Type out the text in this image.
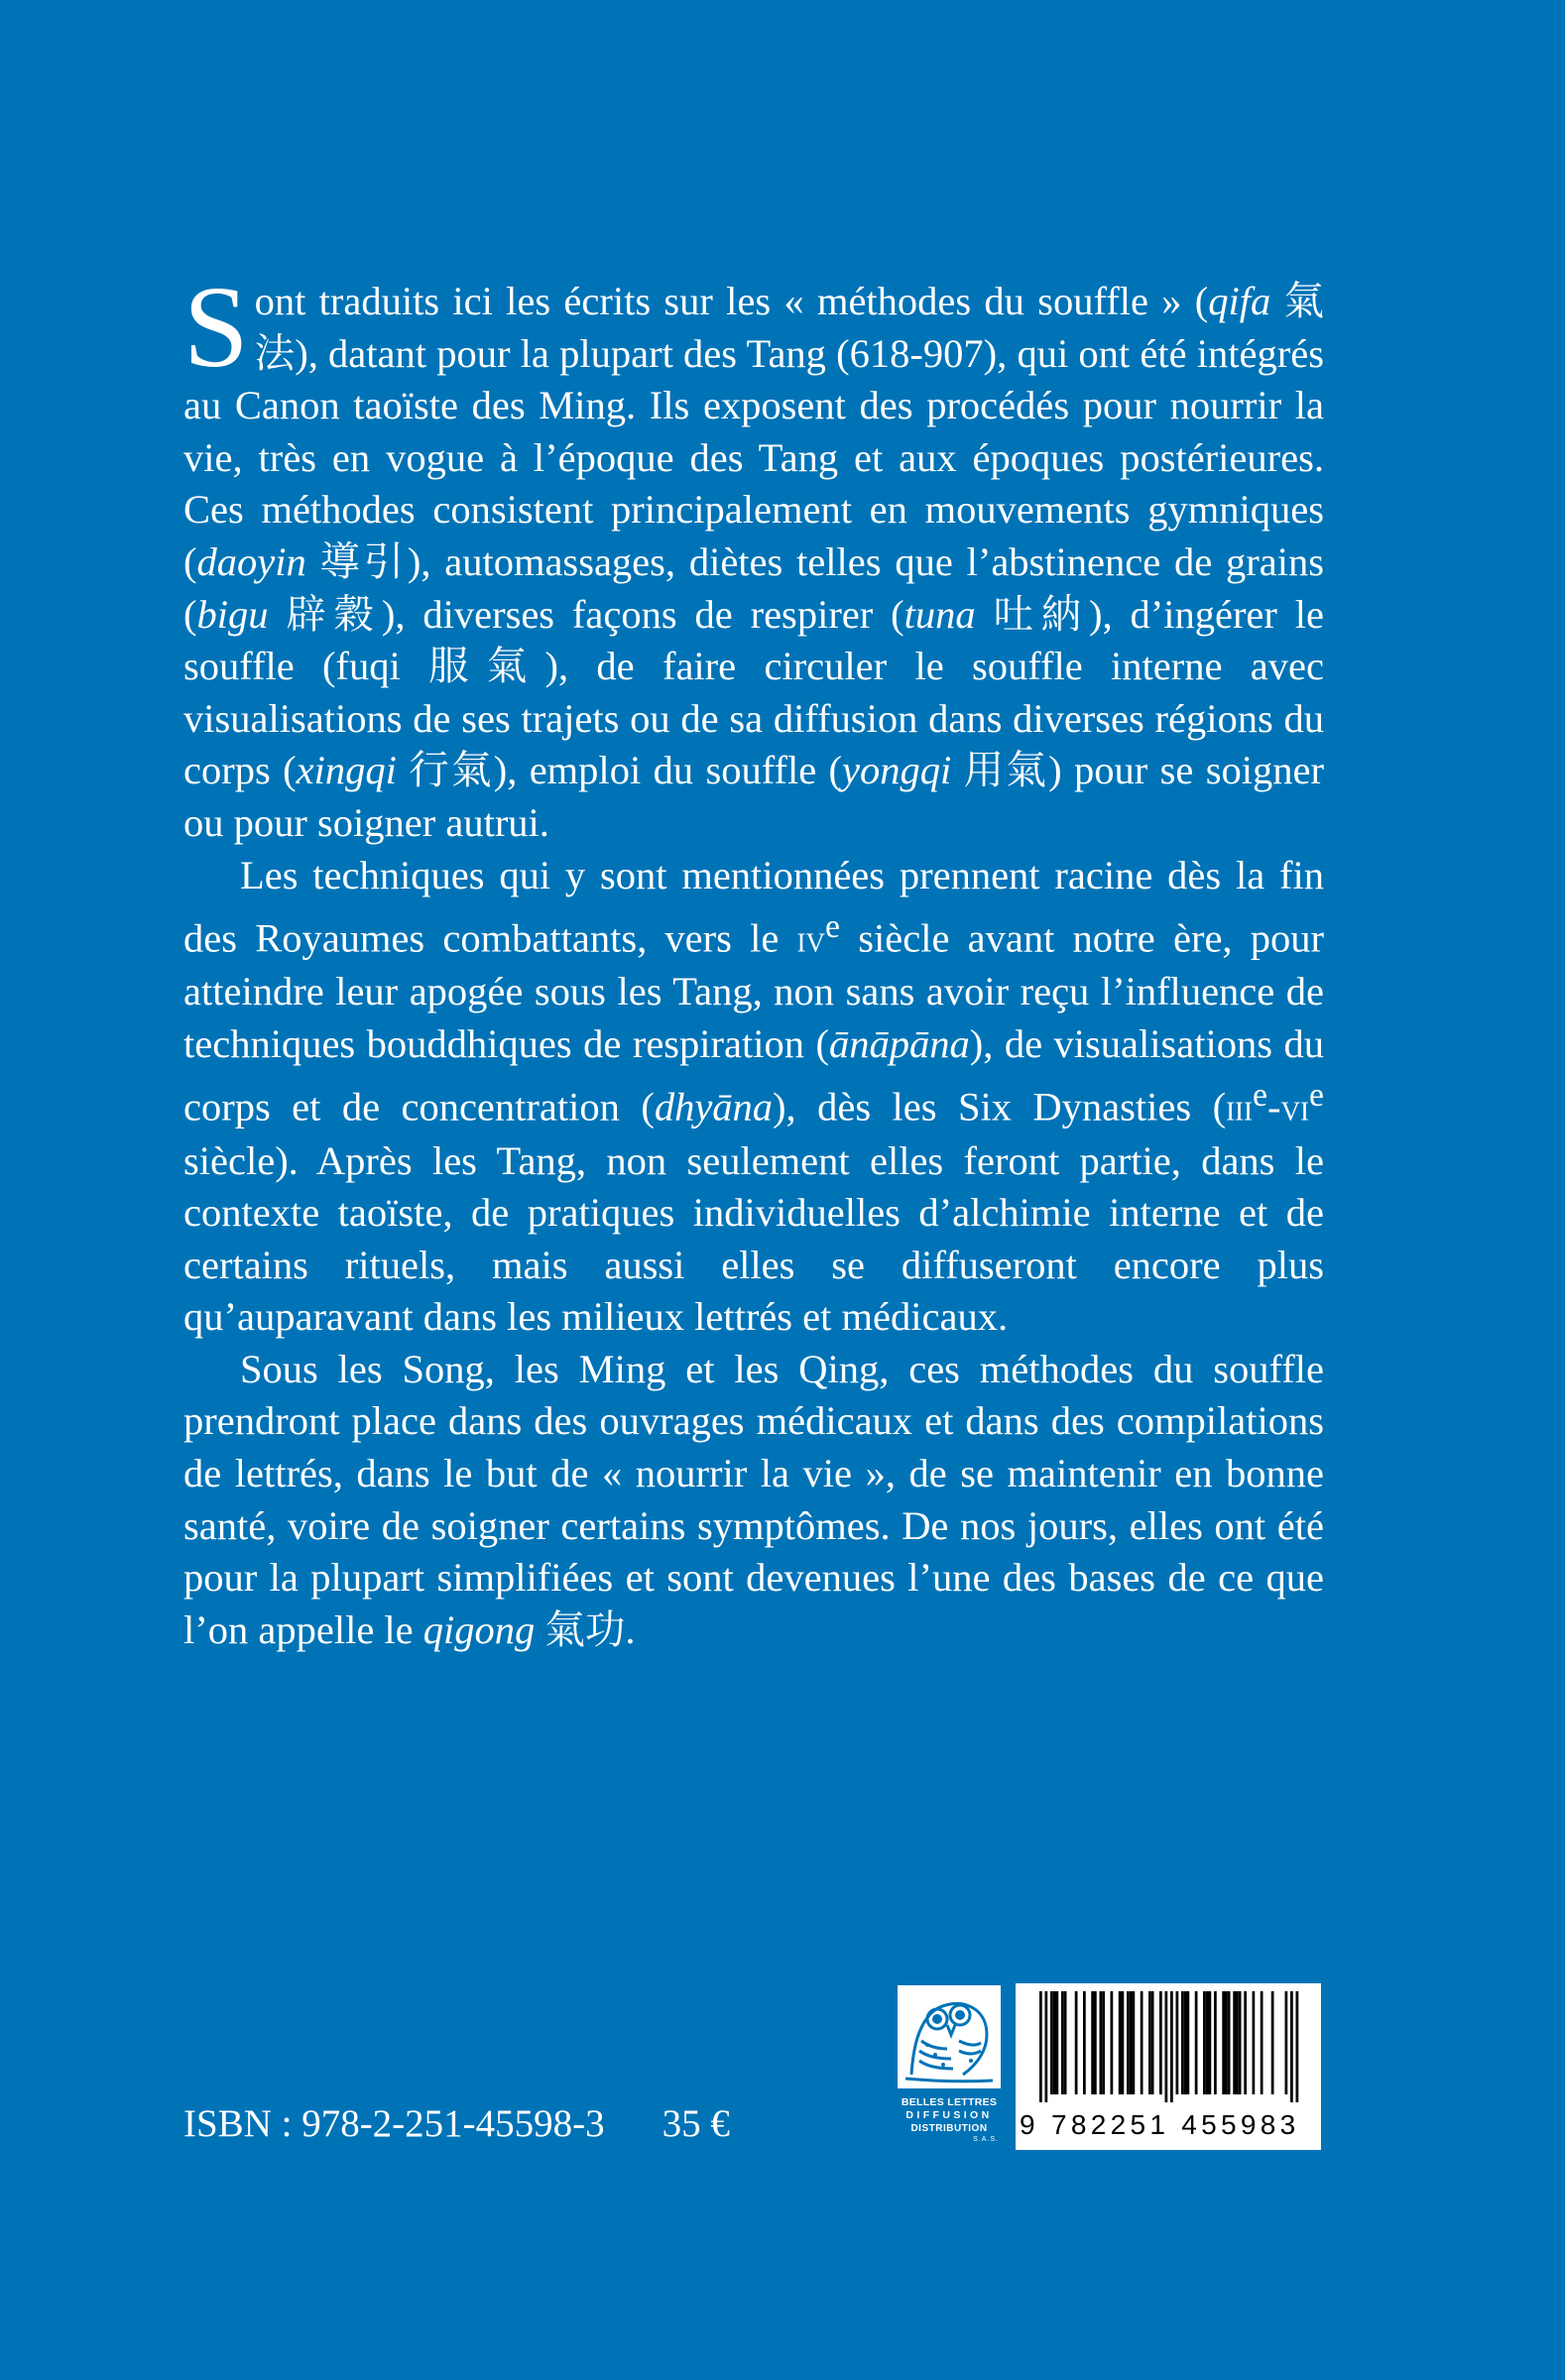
Sont traduits ici les écrits sur les « méthodes du souffle » (qifa 氣法), datant pour la plupart des Tang (618-907), qui ont été intégrés au Canon taoïste des Ming. Ils exposent des procédés pour nourrir la vie, très en vogue à l’époque des Tang et aux époques postérieures. Ces méthodes consistent principalement en mouvements gymniques (daoyin 導引), automassages, diètes telles que l’abstinence de grains (bigu 辟穀), diverses façons de respirer (tuna 吐納), d’ingérer le souffle (fuqi 服氣), de faire circuler le souffle interne avec visualisations de ses trajets ou de sa diffusion dans diverses régions du corps (xingqi 行氣), emploi du souffle (yongqi 用氣) pour se soigner ou pour soigner autrui.

Les techniques qui y sont mentionnées prennent racine dès la fin des Royaumes combattants, vers le $iv^e$ siècle avant notre ère, pour atteindre leur apogée sous les Tang, non sans avoir reçu l’influence de techniques bouddhiques de respiration (ānāpāna), de visualisations du corps et de concentration (dhyāna), dès les Six Dynasties ($iii^e-vi^e$ siècle). Après les Tang, non seulement elles feront partie, dans le contexte taoïste, de pratiques individuelles d’alchimie interne et de certains rituels, mais aussi elles se diffuseront encore plus qu’auparavant dans les milieux lettrés et médicaux.

Sous les Song, les Ming et les Qing, ces méthodes du souffle prendront place dans des ouvrages médicaux et dans des compilations de lettrés, dans le but de « nourrir la vie », de se maintenir en bonne santé, voire de soigner certains symptômes. De nos jours, elles ont été pour la plupart simplifiées et sont devenues l’une des bases de ce que l’on appelle le qigong 氣功.

ISBN : 978-2-251-45598-3 35 €	BELLES LETTRES
DIFFUSION
DISTRIBUTION
S.A.S. 9 782251 455983
